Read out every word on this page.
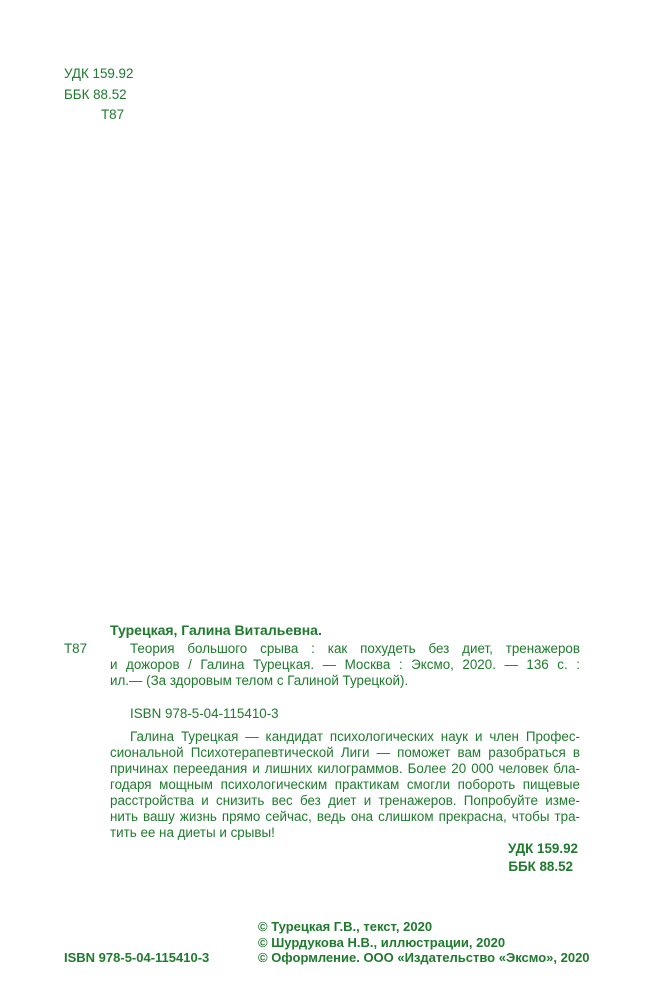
УДК 159.92
ББК 88.52
Т87
Турецкая, Галина Витальевна.
Т87	Теория большого срыва : как похудеть без диет, тренажеров
и дожоров / Галина Турецкая. — Москва : Эксмо, 2020. — 136 с. :
ил.— (За здоровым телом с Галиной Турецкой).
ISBN 978-5-04-115410-3
Галина Турецкая — кандидат психологических наук и член Профес-
сиональной Психотерапевтической Лиги — поможет вам разобраться в
причинах переедания и лишних килограммов. Более 20 000 человек бла-
годаря мощным психологическим практикам смогли побороть пищевые
расстройства и снизить вес без диет и тренажеров. Попробуйте изме-
нить вашу жизнь прямо сейчас, ведь она слишком прекрасна, чтобы тра-
тить ее на диеты и срывы!
УДК 159.92
ББК 88.52
© Турецкая Г.В., текст, 2020
© Шурдукова Н.В., иллюстрации, 2020
© Оформление. ООО «Издательство «Эксмо», 2020
ISBN 978-5-04-115410-3
